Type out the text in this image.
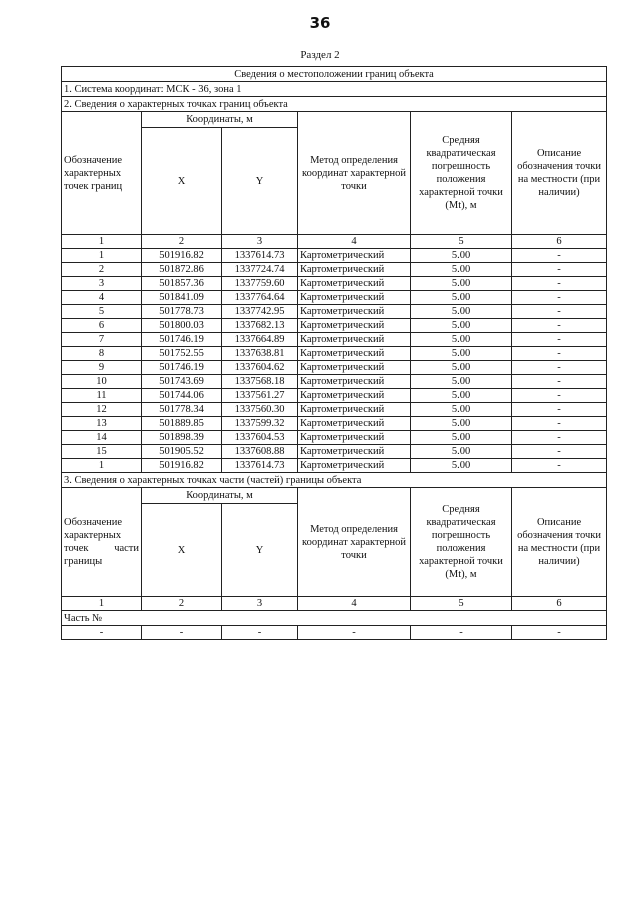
36
Раздел 2
Сведения о местоположении границ объекта					
1. Система координат: МСК - 36, зона 1					
2. Сведения о характерных точках границ объекта					
Обозначение характерных точек границ	Координаты, м		Метод определения координат характерной точки	Средняя квадратическая погрешность положения характерной точки (Mt), м	Описание обозначения точки на местности (при наличии)
	X	Y			
1	2	3	4	5	6
1	501916.82	1337614.73	Картометрический	5.00	-
2	501872.86	1337724.74	Картометрический	5.00	-
3	501857.36	1337759.60	Картометрический	5.00	-
4	501841.09	1337764.64	Картометрический	5.00	-
5	501778.73	1337742.95	Картометрический	5.00	-
6	501800.03	1337682.13	Картометрический	5.00	-
7	501746.19	1337664.89	Картометрический	5.00	-
8	501752.55	1337638.81	Картометрический	5.00	-
9	501746.19	1337604.62	Картометрический	5.00	-
10	501743.69	1337568.18	Картометрический	5.00	-
11	501744.06	1337561.27	Картометрический	5.00	-
12	501778.34	1337560.30	Картометрический	5.00	-
13	501889.85	1337599.32	Картометрический	5.00	-
14	501898.39	1337604.53	Картометрический	5.00	-
15	501905.52	1337608.88	Картометрический	5.00	-
1	501916.82	1337614.73	Картометрический	5.00	-
3. Сведения о характерных точках части (частей) границы объекта					
Обозначение характерных точек части границы	Координаты, м		Метод определения координат характерной точки	Средняя квадратическая погрешность положения характерной точки (Mt), м	Описание обозначения точки на местности (при наличии)
	X	Y			
1	2	3	4	5	6
Часть №					
-	-	-	-	-	-
